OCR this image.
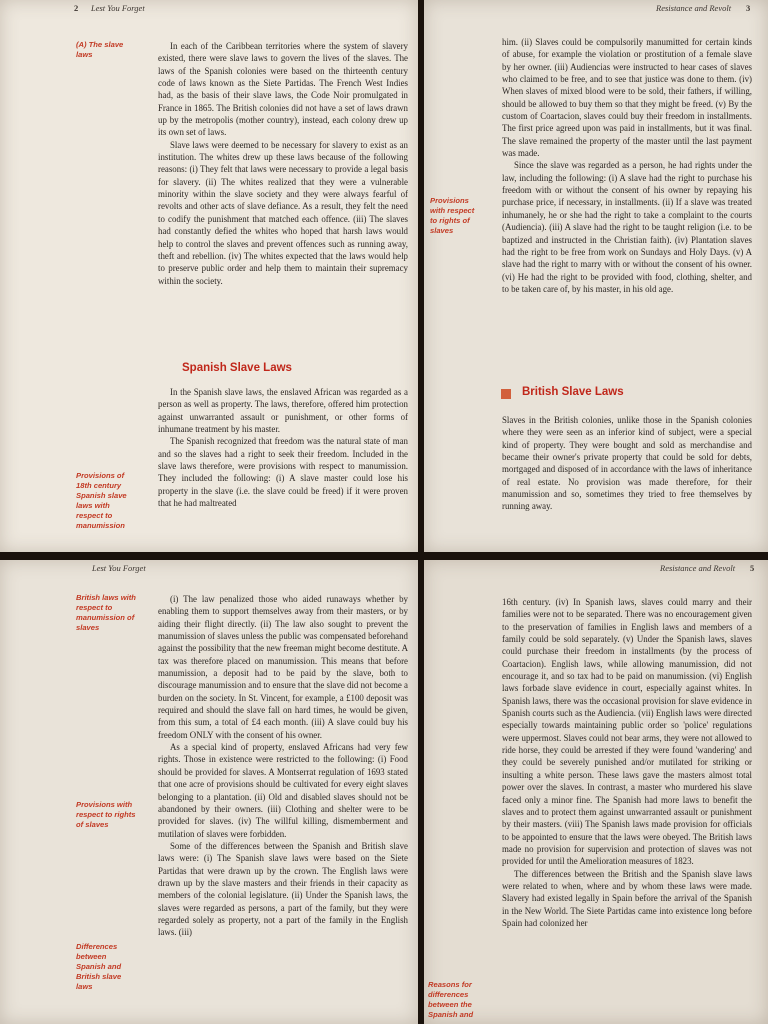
2 Lest You Forget
(A) The slave laws
Provisions of 18th century Spanish slave laws with respect to manumission

In each of the Caribbean territories where the system of slavery existed, there were slave laws to govern the lives of the slaves. The laws of the Spanish colonies were based on the thirteenth century code of laws known as the Siete Partidas. The French West Indies had, as the basis of their slave laws, the Code Noir promulgated in France in 1865. The British colonies did not have a set of laws drawn up by the metropolis (mother country), instead, each colony drew up its own set of laws.

Slave laws were deemed to be necessary for slavery to exist as an institution. The whites drew up these laws because of the following reasons: (i) They felt that laws were necessary to provide a legal basis for slavery. (ii) The whites realized that they were a vulnerable minority within the slave society and they were always fearful of revolts and other acts of slave defiance. As a result, they felt the need to codify the punishment that matched each offence. (iii) The slaves had constantly defied the whites who hoped that harsh laws would help to control the slaves and prevent offences such as running away, theft and rebellion. (iv) The whites expected that the laws would help to preserve public order and help them to maintain their supremacy within the society.

Spanish Slave Laws

In the Spanish slave laws, the enslaved African was regarded as a person as well as property. The laws, therefore, offered him protection against unwarranted assault or punishment, or other forms of inhumane treatment by his master.

The Spanish recognized that freedom was the natural state of man and so the slaves had a right to seek their freedom. Included in the slave laws therefore, were provisions with respect to manumission. They included the following: (i) A slave master could lose his property in the slave (i.e. the slave could be freed) if it were proven that he had maltreated

Resistance and Revolt 3
Provisions with respect to rights of slaves

him. (ii) Slaves could be compulsorily manumitted for certain kinds of abuse, for example the violation or prostitution of a female slave by her owner. (iii) Audiencias were instructed to hear cases of slaves who claimed to be free, and to see that justice was done to them. (iv) When slaves of mixed blood were to be sold, their fathers, if willing, should be allowed to buy them so that they might be freed. (v) By the custom of Coartacion, slaves could buy their freedom in installments. The first price agreed upon was paid in installments, but it was final. The slave remained the property of the master until the last payment was made.

Since the slave was regarded as a person, he had rights under the law, including the following: (i) A slave had the right to purchase his freedom with or without the consent of his owner by repaying his purchase price, if necessary, in installments. (ii) If a slave was treated inhumanely, he or she had the right to take a complaint to the courts (Audiencia). (iii) A slave had the right to be taught religion (i.e. to be baptized and instructed in the Christian faith). (iv) Plantation slaves had the right to be free from work on Sundays and Holy Days. (v) A slave had the right to marry with or without the consent of his owner. (vi) He had the right to be provided with food, clothing, shelter, and to be taken care of, by his master, in his old age.

British Slave Laws

Slaves in the British colonies, unlike those in the Spanish colonies where they were seen as an inferior kind of subject, were a special kind of property. They were bought and sold as merchandise and became their owner's private property that could be sold for debts, mortgaged and disposed of in accordance with the laws of inheritance of real estate. No provision was made therefore, for their manumission and so, sometimes they tried to free themselves by running away.

Lest You Forget
British laws with respect to manumission of slaves
Provisions with respect to rights of slaves
Differences between Spanish and British slave laws

(i) The law penalized those who aided runaways whether by enabling them to support themselves away from their masters, or by aiding their flight directly. (ii) The law also sought to prevent the manumission of slaves unless the public was compensated beforehand against the possibility that the new freeman might become destitute. A tax was therefore placed on manumission. This means that before manumission, a deposit had to be paid by the slave, both to discourage manumission and to ensure that the slave did not become a burden on the society. In St. Vincent, for example, a £100 deposit was required and should the slave fall on hard times, he would be given, from this sum, a total of £4 each month. (iii) A slave could buy his freedom ONLY with the consent of his owner.

As a special kind of property, enslaved Africans had very few rights. Those in existence were restricted to the following: (i) Food should be provided for slaves. A Montserrat regulation of 1693 stated that one acre of provisions should be cultivated for every eight slaves belonging to a plantation. (ii) Old and disabled slaves should not be abandoned by their owners. (iii) Clothing and shelter were to be provided for slaves. (iv) The willful killing, dismemberment and mutilation of slaves were forbidden.

Some of the differences between the Spanish and British slave laws were: (i) The Spanish slave laws were based on the Siete Partidas that were drawn up by the crown. The English laws were drawn up by the slave masters and their friends in their capacity as members of the colonial legislature. (ii) Under the Spanish laws, the slaves were regarded as persons, a part of the family, but they were regarded solely as property, not a part of the family in the English laws. (iii)

Resistance and Revolt 5
Reasons for differences between the Spanish and

16th century. (iv) In Spanish laws, slaves could marry and their families were not to be separated. There was no encouragement given to the preservation of families in English laws and members of a family could be sold separately. (v) Under the Spanish laws, slaves could purchase their freedom in installments (by the process of Coartacion). English laws, while allowing manumission, did not encourage it, and so tax had to be paid on manumission. (vi) English laws forbade slave evidence in court, especially against whites. In Spanish laws, there was the occasional provision for slave evidence in Spanish courts such as the Audiencia. (vii) English laws were directed especially towards maintaining public order so 'police' regulations were uppermost. Slaves could not bear arms, they were not allowed to ride horse, they could be arrested if they were found 'wandering' and they could be severely punished and/or mutilated for striking or insulting a white person. These laws gave the masters almost total power over the slaves. In contrast, a master who murdered his slave faced only a minor fine. The Spanish had more laws to benefit the slaves and to protect them against unwarranted assault or punishment by their masters. (viii) The Spanish laws made provision for officials to be appointed to ensure that the laws were obeyed. The British laws made no provision for supervision and protection of slaves was not provided for until the Amelioration measures of 1823.

The differences between the British and the Spanish slave laws were related to when, where and by whom these laws were made. Slavery had existed legally in Spain before the arrival of the Spanish in the New World. The Siete Partidas came into existence long before Spain had colonized her
